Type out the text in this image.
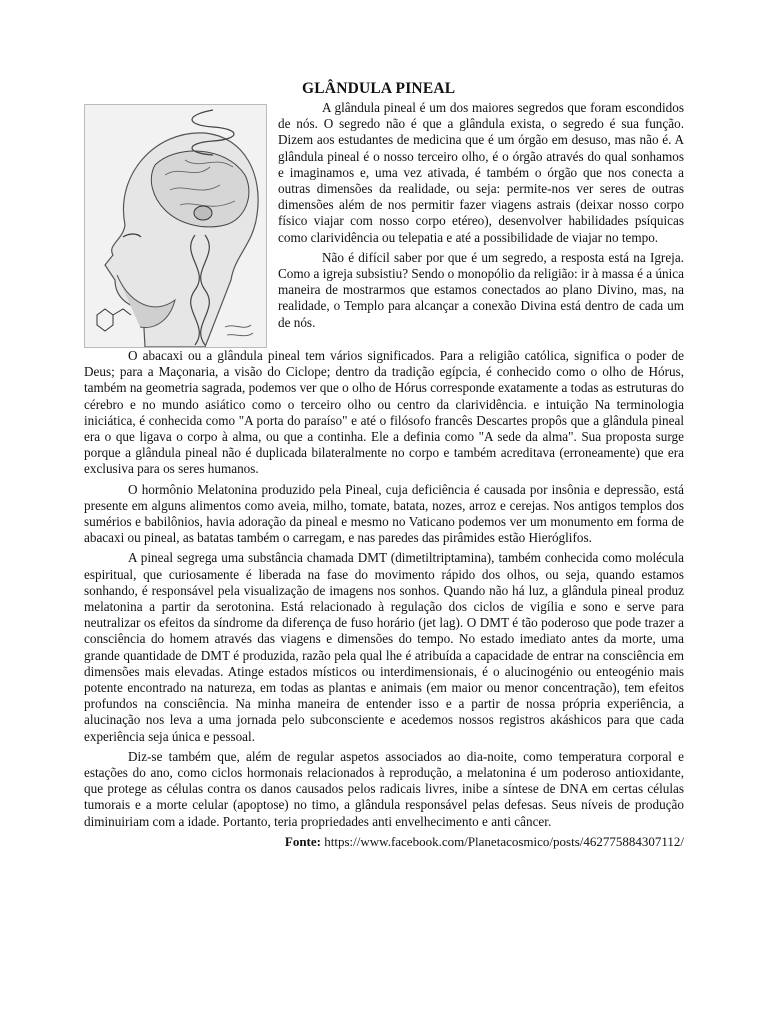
GLÂNDULA PINEAL

A glândula pineal é um dos maiores segredos que foram escondidos de nós. O segredo não é que a glândula exista, o segredo é sua função. Dizem aos estudantes de medicina que é um órgão em desuso, mas não é. A glândula pineal é o nosso terceiro olho, é o órgão através do qual sonhamos e imaginamos e, uma vez ativada, é também o órgão que nos conecta a outras dimensões da realidade, ou seja: permite-nos ver seres de outras dimensões além de nos permitir fazer viagens astrais (deixar nosso corpo físico viajar com nosso corpo etéreo), desenvolver habilidades psíquicas como clarividência ou telepatia e até a possibilidade de viajar no tempo.

Não é difícil saber por que é um segredo, a resposta está na Igreja. Como a igreja subsistiu? Sendo o monopólio da religião: ir à massa é a única maneira de mostrarmos que estamos conectados ao plano Divino, mas, na realidade, o Templo para alcançar a conexão Divina está dentro de cada um de nós.

O abacaxi ou a glândula pineal tem vários significados. Para a religião católica, significa o poder de Deus; para a Maçonaria, a visão do Ciclope; dentro da tradição egípcia, é conhecido como o olho de Hórus, também na geometria sagrada, podemos ver que o olho de Hórus corresponde exatamente a todas as estruturas do cérebro e no mundo asiático como o terceiro olho ou centro da clarividência. e intuição Na terminologia iniciática, é conhecida como "A porta do paraíso" e até o filósofo francês Descartes propôs que a glândula pineal era o que ligava o corpo à alma, ou que a continha. Ele a definia como "A sede da alma". Sua proposta surge porque a glândula pineal não é duplicada bilateralmente no corpo e também acreditava (erroneamente) que era exclusiva para os seres humanos.

O hormônio Melatonina produzido pela Pineal, cuja deficiência é causada por insônia e depressão, está presente em alguns alimentos como aveia, milho, tomate, batata, nozes, arroz e cerejas. Nos antigos templos dos sumérios e babilônios, havia adoração da pineal e mesmo no Vaticano podemos ver um monumento em forma de abacaxi ou pineal, as batatas também o carregam, e nas paredes das pirâmides estão Hieróglifos.

A pineal segrega uma substância chamada DMT (dimetiltriptamina), também conhecida como molécula espiritual, que curiosamente é liberada na fase do movimento rápido dos olhos, ou seja, quando estamos sonhando, é responsável pela visualização de imagens nos sonhos. Quando não há luz, a glândula pineal produz melatonina a partir da serotonina. Está relacionado à regulação dos ciclos de vigília e sono e serve para neutralizar os efeitos da síndrome da diferença de fuso horário (jet lag). O DMT é tão poderoso que pode trazer a consciência do homem através das viagens e dimensões do tempo. No estado imediato antes da morte, uma grande quantidade de DMT é produzida, razão pela qual lhe é atribuída a capacidade de entrar na consciência em dimensões mais elevadas. Atinge estados místicos ou interdimensionais, é o alucinogénio ou enteogénio mais potente encontrado na natureza, em todas as plantas e animais (em maior ou menor concentração), tem efeitos profundos na consciência. Na minha maneira de entender isso e a partir de nossa própria experiência, a alucinação nos leva a uma jornada pelo subconsciente e acedemos nossos registros akáshicos para que cada experiência seja única e pessoal.

Diz-se também que, além de regular aspetos associados ao dia-noite, como temperatura corporal e estações do ano, como ciclos hormonais relacionados à reprodução, a melatonina é um poderoso antioxidante, que protege as células contra os danos causados pelos radicais livres, inibe a síntese de DNA em certas células tumorais e a morte celular (apoptose) no timo, a glândula responsável pelas defesas. Seus níveis de produção diminuiriam com a idade. Portanto, teria propriedades anti envelhecimento e anti câncer.

Fonte: https://www.facebook.com/Planetacosmico/posts/462775884307112/
